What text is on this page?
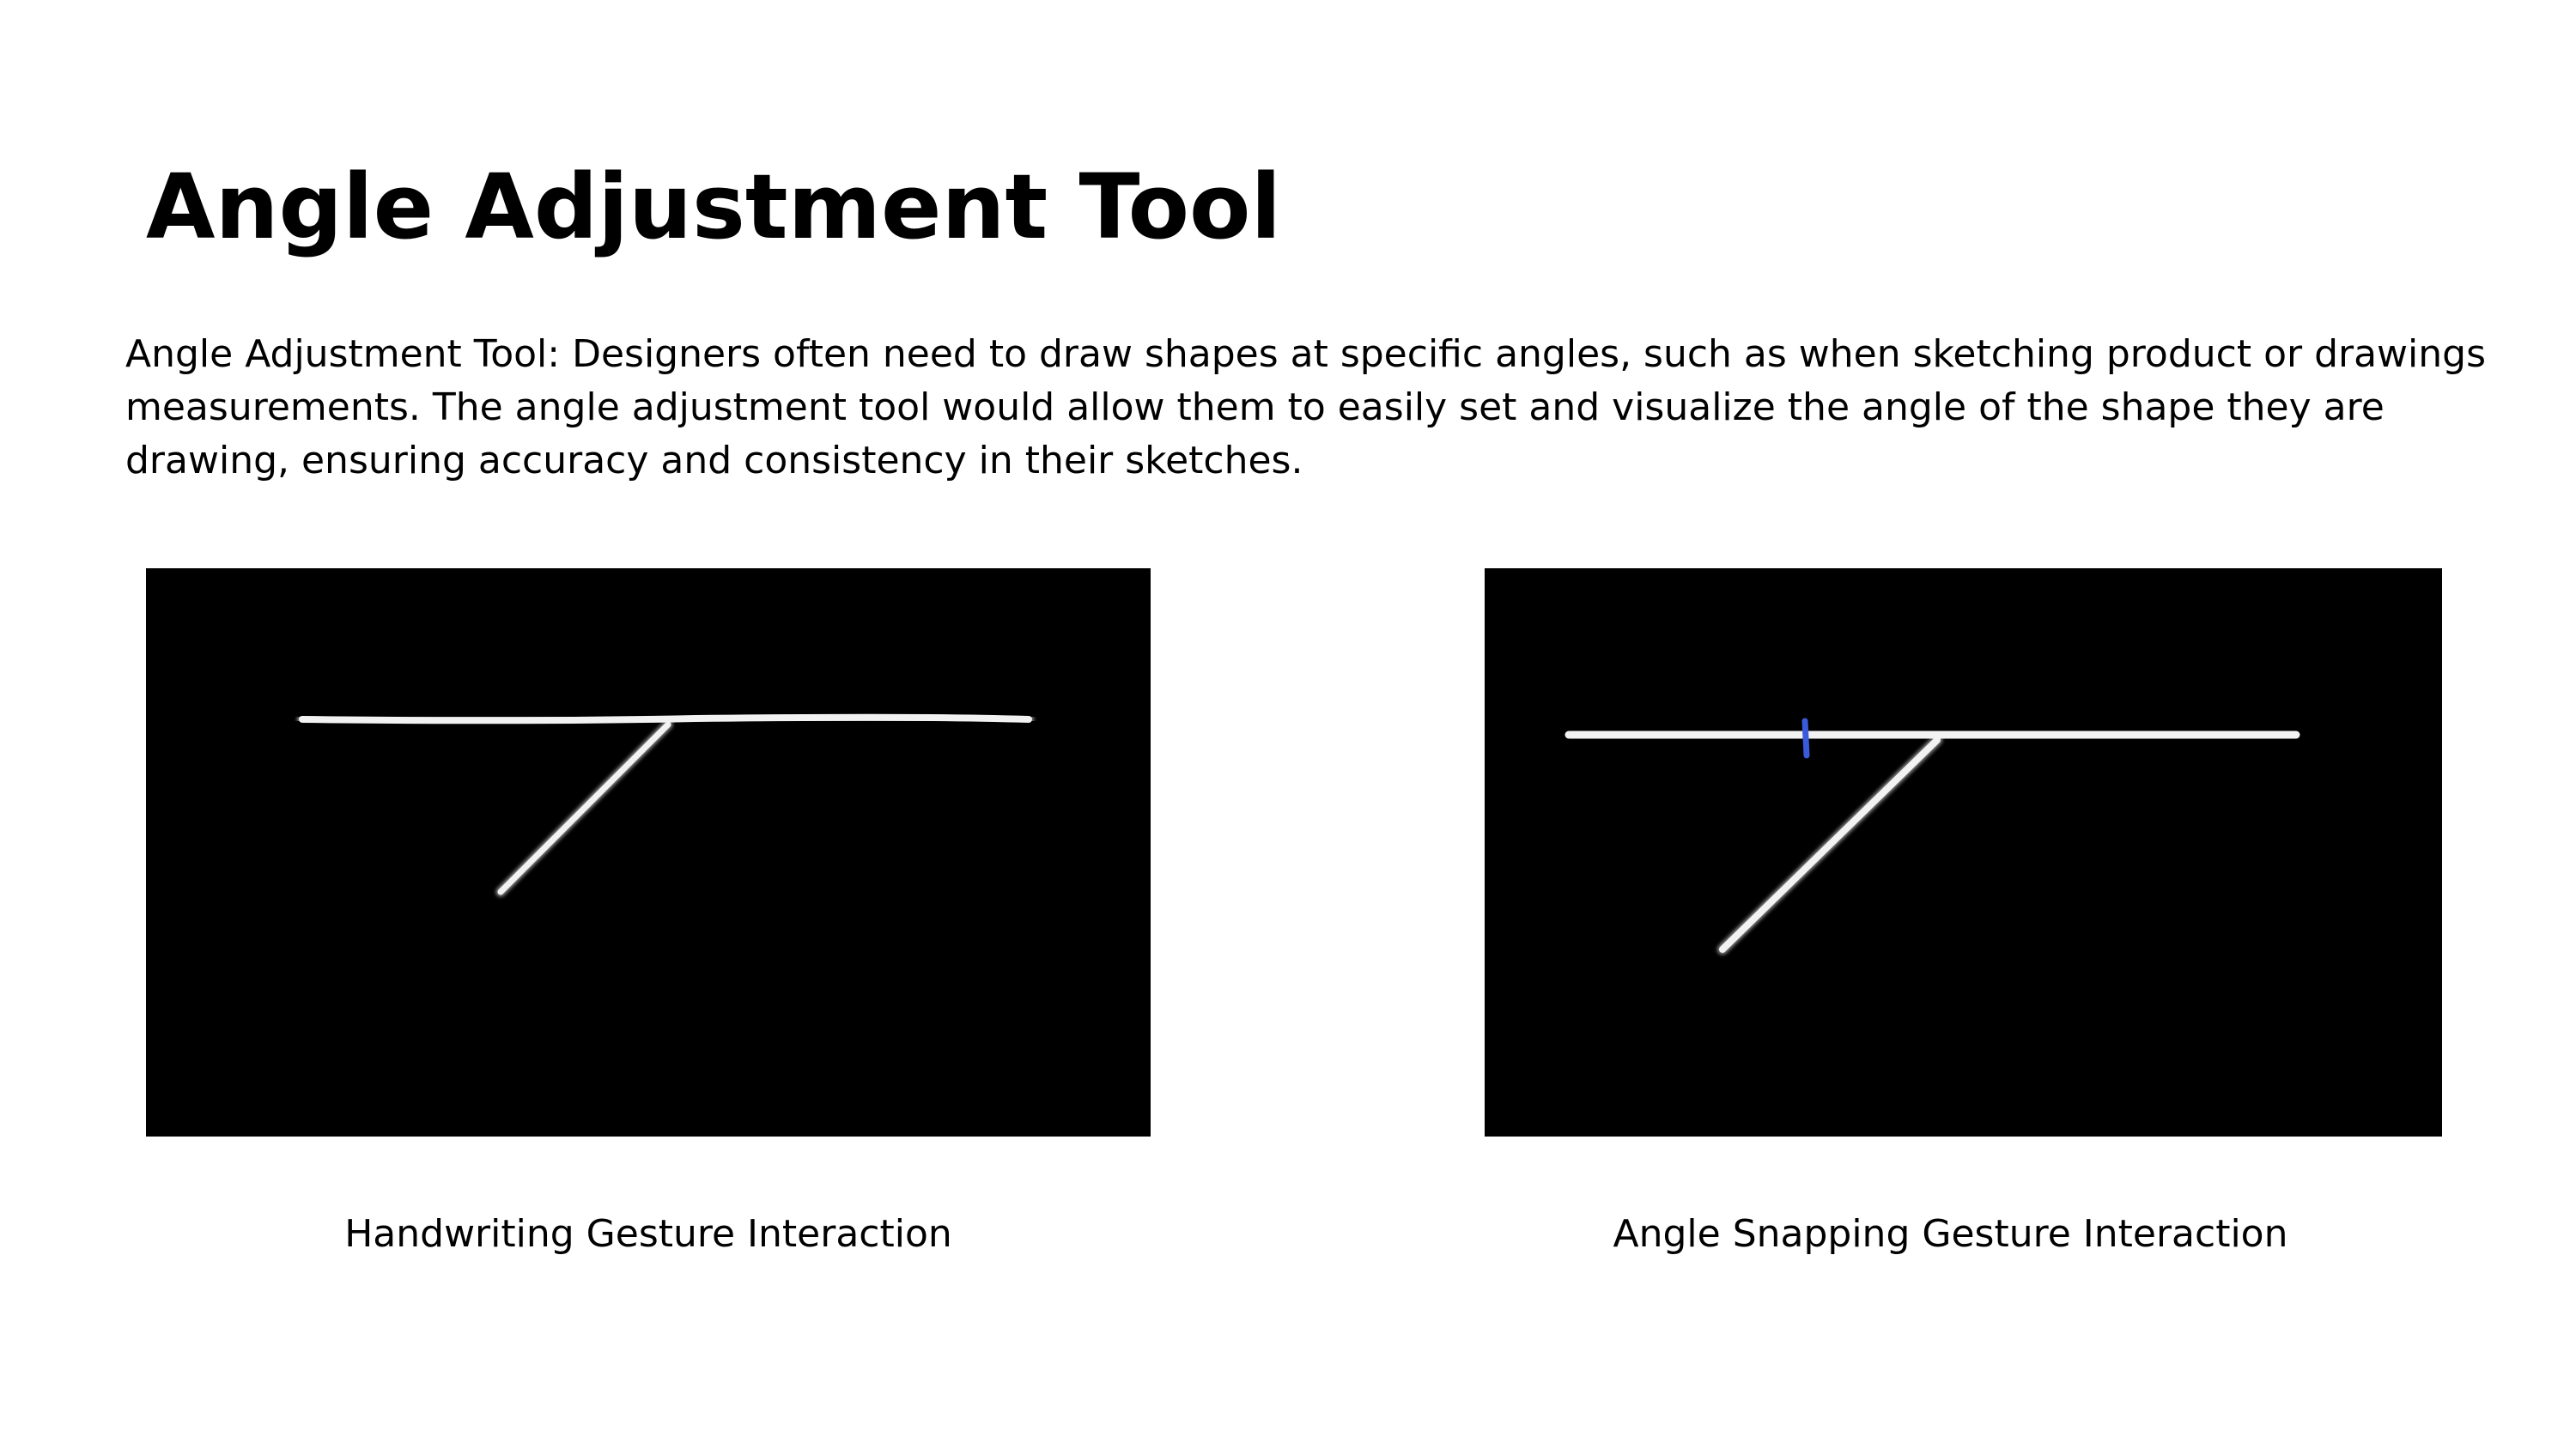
Angle Adjustment Tool

Angle Adjustment Tool: Designers often need to draw shapes at specific angles, such as when sketching product or drawings measurements. The angle adjustment tool would allow them to easily set and visualize the angle of the shape they are drawing, ensuring accuracy and consistency in their sketches.

Handwriting Gesture Interaction	Angle Snapping Gesture Interaction
